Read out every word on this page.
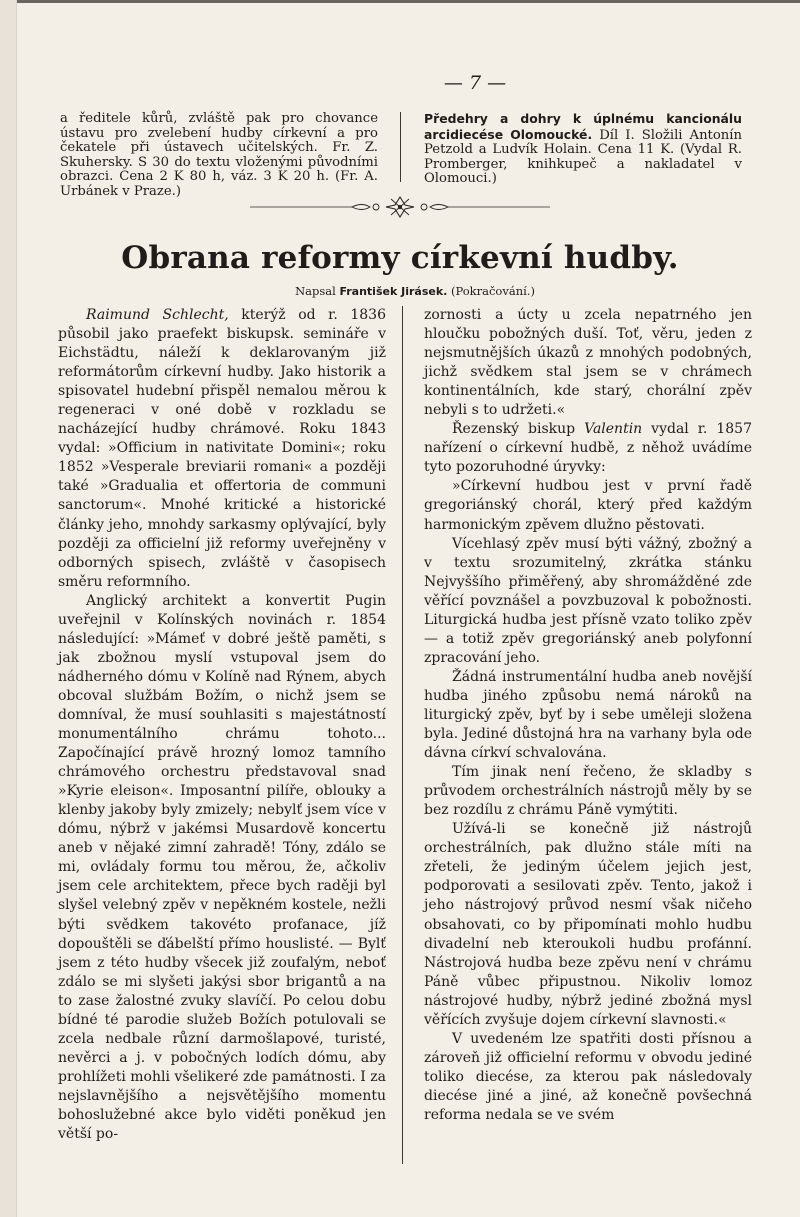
— 7 —

a ředitele kůrů, zvláště pak pro chovance ústavu pro zvelebení hudby církevní a pro čekatele při ústavech učitelských. Fr. Z. Skuhersky. S 30 do textu vloženými původními obrazci. Cena 2 K 80 h, váz. 3 K 20 h. (Fr. A. Urbánek v Praze.)

Předehry a dohry k úplnému kancionálu arcidiecése Olomoucké. Díl I. Složili Antonín Petzold a Ludvík Holain. Cena 11 K. (Vydal R. Promberger, knihkupeč a nakladatel v Olomouci.)

Obrana reformy církevní hudby.
Napsal František Jirásek. (Pokračování.)

Raimund Schlecht, kterýž od r. 1836 působil jako praefekt biskupsk. semináře v Eichstädtu, náleží k deklarovaným již reformátorům církevní hudby. Jako historik a spisovatel hudební přispěl nemalou měrou k regeneraci v oné době v rozkladu se nacházející hudby chrámové. Roku 1843 vydal: »Officium in nativitate Domini«; roku 1852 »Vesperale breviarii romani« a později také »Gradualia et offertoria de communi sanctorum«. Mnohé kritické a historické články jeho, mnohdy sarkasmy oplývající, byly později za officielní již reformy uveřejněny v odborných spisech, zvláště v časopisech směru reformního.

Anglický architekt a konvertit Pugin uveřejnil v Kolínských novinách r. 1854 následující: »Mámeť v dobré ještě paměti, s jak zbožnou myslí vstupoval jsem do nádherného dómu v Kolíně nad Rýnem, abych obcoval službám Božím, o nichž jsem se domníval, že musí souhlasiti s majestátností monumentálního chrámu tohoto... Započínající právě hrozný lomoz tamního chrámového orchestru představoval snad »Kyrie eleison«. Imposantní pilíře, oblouky a klenby jakoby byly zmizely; nebylť jsem více v dómu, nýbrž v jakémsi Musardově koncertu aneb v nějaké zimní zahradě! Tóny, zdálo se mi, ovládaly formu tou měrou, že, ačkoliv jsem cele architektem, přece bych raději byl slyšel velebný zpěv v nepěkném kostele, nežli býti svědkem takovéto profanace, jíž dopouštěli se ďábelští přímo houslisté. — Bylť jsem z této hudby všecek již zoufalým, neboť zdálo se mi slyšeti jakýsi sbor brigantů a na to zase žalostné zvuky slavíčí. Po celou dobu bídné té parodie služeb Božích potulovali se zcela nedbale různí darmošlapové, turisté, nevěrci a j. v pobočných lodích dómu, aby prohlížeti mohli všelikeré zde památnosti. I za nejslavnějšího a nejsvětějšího momentu bohoslužebné akce bylo viděti poněkud jen větší po-

zornosti a úcty u zcela nepatrného jen hloučku pobožných duší. Toť, věru, jeden z nejsmutnějších úkazů z mnohých podobných, jichž svědkem stal jsem se v chrámech kontinentálních, kde starý, chorální zpěv nebyli s to udržeti.«

Řezenský biskup Valentin vydal r. 1857 nařízení o církevní hudbě, z něhož uvádíme tyto pozoruhodné úryvky:

»Církevní hudbou jest v první řadě gregoriánský chorál, který před každým harmonickým zpěvem dlužno pěstovati.

Vícehlasý zpěv musí býti vážný, zbožný a v textu srozumitelný, zkrátka stánku Nejvyššího přiměřený, aby shromážděné zde věřící povznášel a povzbuzoval k pobožnosti. Liturgická hudba jest přísně vzato toliko zpěv — a totiž zpěv gregoriánský aneb polyfonní zpracování jeho.

Žádná instrumentální hudba aneb novější hudba jiného způsobu nemá nároků na liturgický zpěv, byť by i sebe uměleji složena byla. Jediné důstojná hra na varhany byla ode dávna církví schvalována.

Tím jinak není řečeno, že skladby s průvodem orchestrálních nástrojů měly by se bez rozdílu z chrámu Páně vymýtiti.

Užívá-li se konečně již nástrojů orchestrálních, pak dlužno stále míti na zřeteli, že jediným účelem jejich jest, podporovati a sesilovati zpěv. Tento, jakož i jeho nástrojový průvod nesmí však ničeho obsahovati, co by připomínati mohlo hudbu divadelní neb kteroukoli hudbu profánní. Nástrojová hudba beze zpěvu není v chrámu Páně vůbec připustnou. Nikoliv lomoz nástrojové hudby, nýbrž jediné zbožná mysl věřících zvyšuje dojem církevní slavnosti.«

V uvedeném lze spatřiti dosti přísnou a zároveň již officielní reformu v obvodu jediné toliko diecése, za kterou pak následovaly diecése jiné a jiné, až konečně povšechná reforma nedala se ve svém
